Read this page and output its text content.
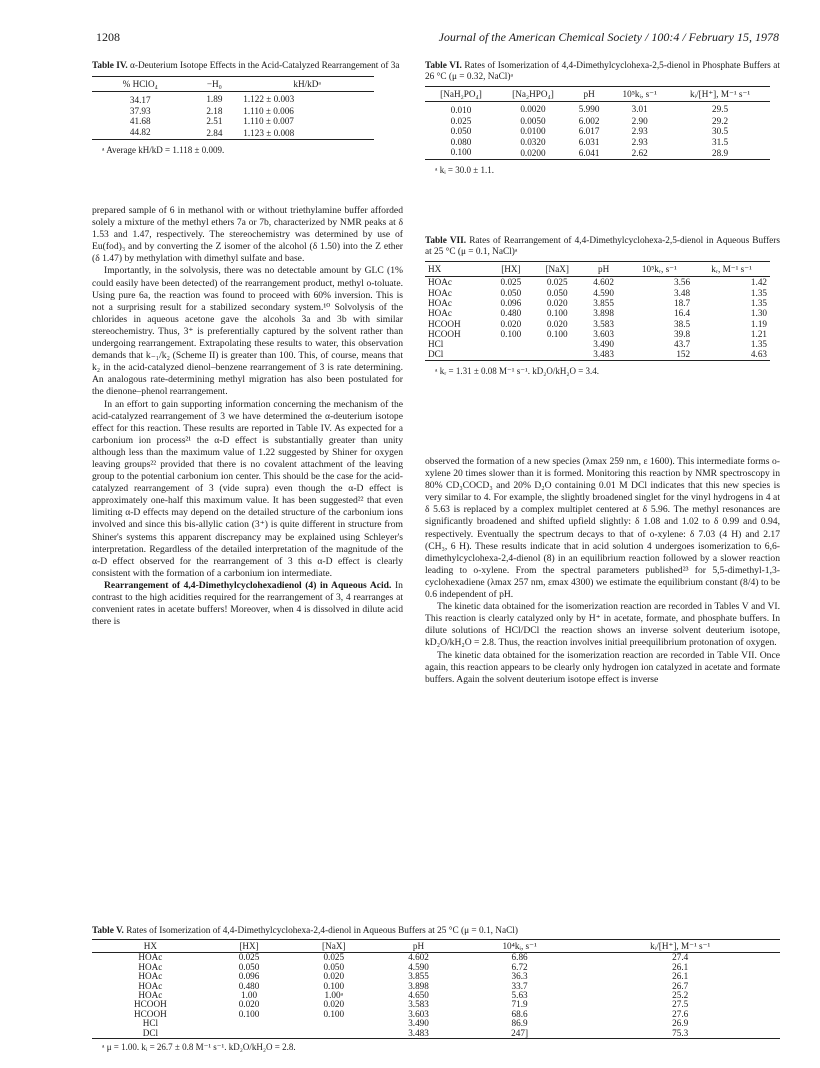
1208	Journal of the American Chemical Society / 100:4 / February 15, 1978
Table IV. α-Deuterium Isotope Effects in the Acid-Catalyzed Rearrangement of 3a
% HClO₄	−H₀	kH/kDᵃ
34.17	1.89	1.122 ± 0.003
37.93	2.18	1.110 ± 0.006
41.68	2.51	1.110 ± 0.007
44.82	2.84	1.123 ± 0.008
ᵃ Average kH/kD = 1.118 ± 0.009.

prepared sample of 6 in methanol with or without triethylamine buffer afforded solely a mixture of the methyl ethers 7a or 7b, characterized by NMR peaks at δ 1.53 and 1.47, respectively. The stereochemistry was determined by use of Eu(fod)₃ and by converting the Z isomer of the alcohol (δ 1.50) into the Z ether (δ 1.47) by methylation with dimethyl sulfate and base.

Importantly, in the solvolysis, there was no detectable amount by GLC (1% could easily have been detected) of the rearrangement product, methyl o-toluate. Using pure 6a, the reaction was found to proceed with 60% inversion. This is not a surprising result for a stabilized secondary system.¹⁰ Solvolysis of the chlorides in aqueous acetone gave the alcohols 3a and 3b with similar stereochemistry. Thus, 3⁺ is preferentially captured by the solvent rather than undergoing rearrangement. Extrapolating these results to water, this observation demands that k₋₁/k₂ (Scheme II) is greater than 100. This, of course, means that k₂ in the acid-catalyzed dienol–benzene rearrangement of 3 is rate determining. An analogous rate-determining methyl migration has also been postulated for the dienone–phenol rearrangement.

In an effort to gain supporting information concerning the mechanism of the acid-catalyzed rearrangement of 3 we have determined the α-deuterium isotope effect for this reaction. These results are reported in Table IV. As expected for a carbonium ion process²¹ the α-D effect is substantially greater than unity although less than the maximum value of 1.22 suggested by Shiner for oxygen leaving groups²² provided that there is no covalent attachment of the leaving group to the potential carbonium ion center. This should be the case for the acid-catalyzed rearrangement of 3 (vide supra) even though the α-D effect is approximately one-half this maximum value. It has been suggested²² that even limiting α-D effects may depend on the detailed structure of the carbonium ions involved and since this bis-allylic cation (3⁺) is quite different in structure from Shiner's systems this apparent discrepancy may be explained using Schleyer's interpretation. Regardless of the detailed interpretation of the magnitude of the α-D effect observed for the rearrangement of 3 this α-D effect is clearly consistent with the formation of a carbonium ion intermediate.

Rearrangement of 4,4-Dimethylcyclohexadienol (4) in Aqueous Acid. In contrast to the high acidities required for the rearrangement of 3, 4 rearranges at convenient rates in acetate buffers! Moreover, when 4 is dissolved in dilute acid there is

Table VI. Rates of Isomerization of 4,4-Dimethylcyclohexa-2,5-dienol in Phosphate Buffers at 26 °C (μ = 0.32, NaCl)ᵃ
[NaH₂PO₄]	[Na₂HPO₄]	pH	10⁵kᵢ, s⁻¹	kᵢ/[H⁺], M⁻¹ s⁻¹
0.010	0.0020	5.990	3.01	29.5
0.025	0.0050	6.002	2.90	29.2
0.050	0.0100	6.017	2.93	30.5
0.080	0.0320	6.031	2.93	31.5
0.100	0.0200	6.041	2.62	28.9
ᵃ kᵢ = 30.0 ± 1.1.
Table VII. Rates of Rearrangement of 4,4-Dimethylcyclohexa-2,5-dienol in Aqueous Buffers at 25 °C (μ = 0.1, NaCl)ᵃ
HX	[HX]	[NaX]	pH	10⁵kᵣ, s⁻¹	kᵣ, M⁻¹ s⁻¹
HOAc	0.025	0.025	4.602	3.56	1.42
HOAc	0.050	0.050	4.590	3.48	1.35
HOAc	0.096	0.020	3.855	18.7	1.35
HOAc	0.480	0.100	3.898	16.4	1.30
HCOOH	0.020	0.020	3.583	38.5	1.19
HCOOH	0.100	0.100	3.603	39.8	1.21
HCl			3.490	43.7	1.35
DCl			3.483	152	4.63
ᵃ kᵣ = 1.31 ± 0.08 M⁻¹ s⁻¹. kD₂O/kH₂O = 3.4.

observed the formation of a new species (λmax 259 nm, ε 1600). This intermediate forms o-xylene 20 times slower than it is formed. Monitoring this reaction by NMR spectroscopy in 80% CD₃COCD₃ and 20% D₂O containing 0.01 M DCl indicates that this new species is very similar to 4. For example, the slightly broadened singlet for the vinyl hydrogens in 4 at δ 5.63 is replaced by a complex multiplet centered at δ 5.96. The methyl resonances are significantly broadened and shifted upfield slightly: δ 1.08 and 1.02 to δ 0.99 and 0.94, respectively. Eventually the spectrum decays to that of o-xylene: δ 7.03 (4 H) and 2.17 (CH₃, 6 H). These results indicate that in acid solution 4 undergoes isomerization to 6,6-dimethylcyclohexa-2,4-dienol (8) in an equilibrium reaction followed by a slower reaction leading to o-xylene. From the spectral parameters published²³ for 5,5-dimethyl-1,3-cyclohexadiene (λmax 257 nm, εmax 4300) we estimate the equilibrium constant (8/4) to be 0.6 independent of pH.

The kinetic data obtained for the isomerization reaction are recorded in Tables V and VI. This reaction is clearly catalyzed only by H⁺ in acetate, formate, and phosphate buffers. In dilute solutions of HCl/DCl the reaction shows an inverse solvent deuterium isotope, kD₂O/kH₂O = 2.8. Thus, the reaction involves initial preequilibrium protonation of oxygen.

The kinetic data obtained for the isomerization reaction are recorded in Table VII. Once again, this reaction appears to be clearly only hydrogen ion catalyzed in acetate and formate buffers. Again the solvent deuterium isotope effect is inverse

Table V. Rates of Isomerization of 4,4-Dimethylcyclohexa-2,4-dienol in Aqueous Buffers at 25 °C (μ = 0.1, NaCl)
HX	[HX]	[NaX]	pH	10⁴kᵢ, s⁻¹	kᵢ/[H⁺], M⁻¹ s⁻¹
HOAc	0.025	0.025	4.602	6.86	27.4
HOAc	0.050	0.050	4.590	6.72	26.1
HOAc	0.096	0.020	3.855	36.3	26.1
HOAc	0.480	0.100	3.898	33.7	26.7
HOAc	1.00	1.00ᵃ	4.650	5.63	25.2
HCOOH	0.020	0.020	3.583	71.9	27.5
HCOOH	0.100	0.100	3.603	68.6	27.6
HCl			3.490	86.9	26.9
DCl			3.483	247]	75.3
ᵃ μ = 1.00. kᵢ = 26.7 ± 0.8 M⁻¹ s⁻¹. kD₂O/kH₂O = 2.8.
